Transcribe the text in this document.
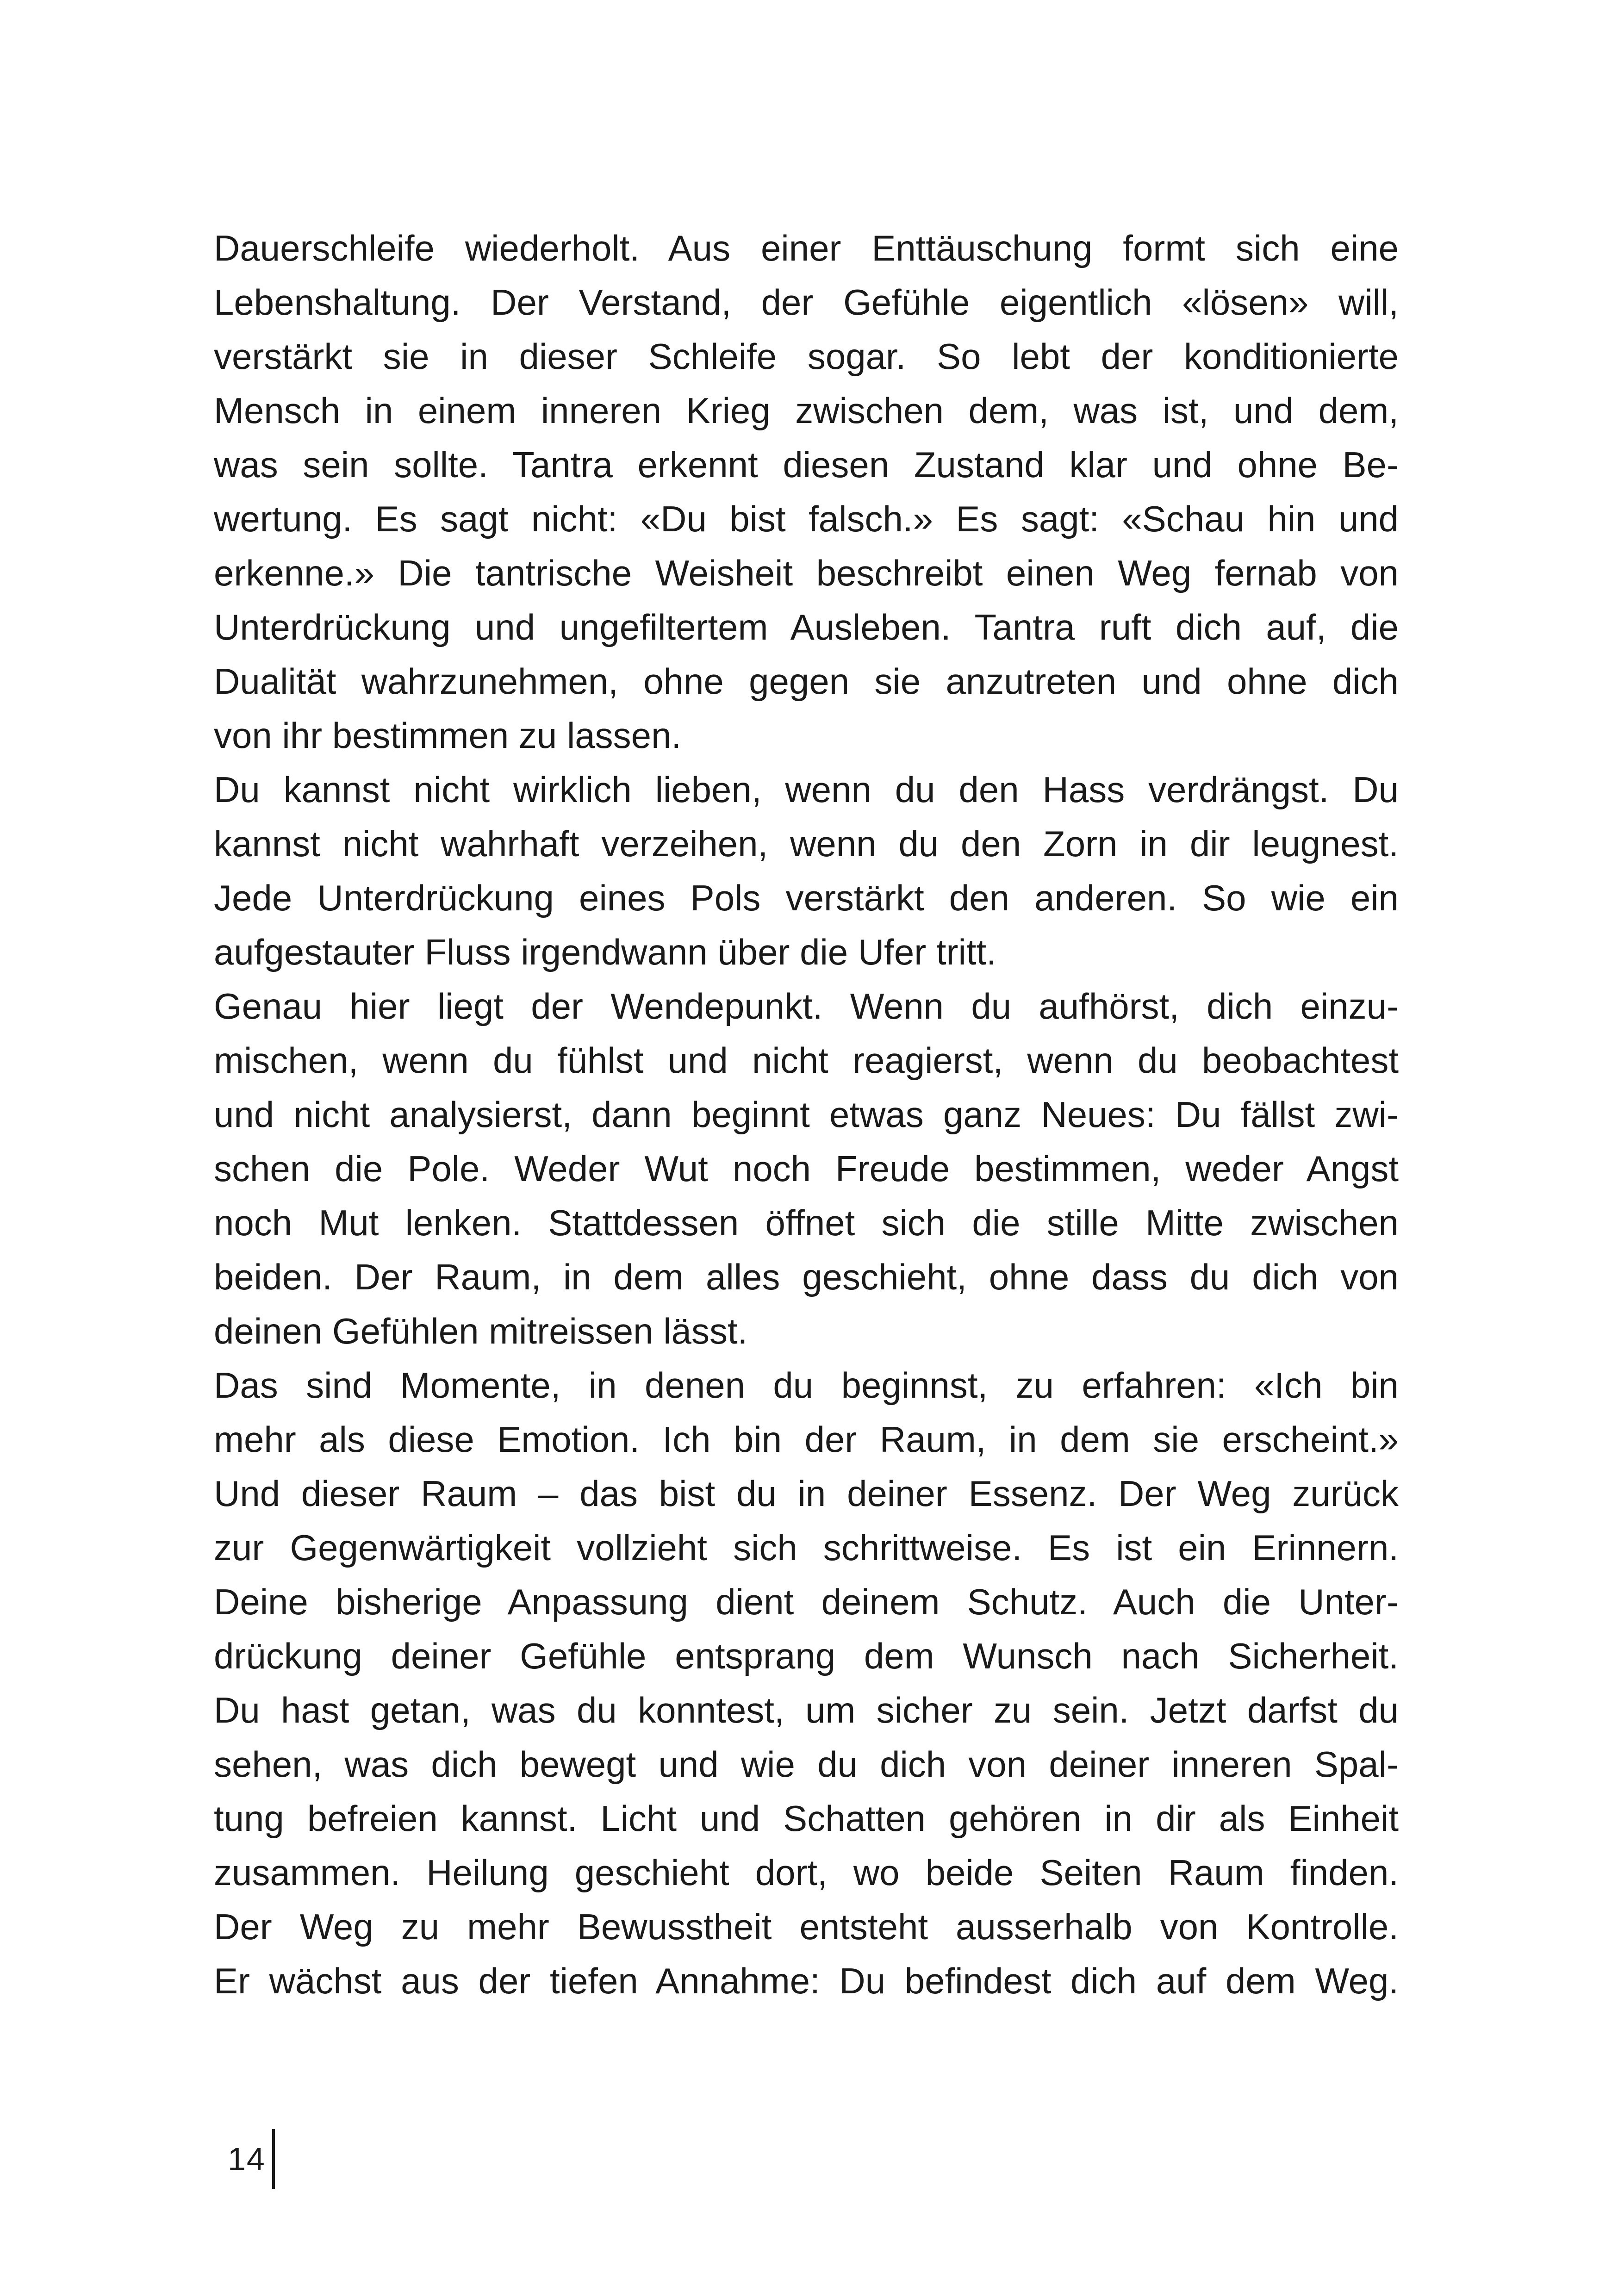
Dauerschleife wiederholt. Aus einer Enttäuschung formt sich eine
Lebenshaltung. Der Verstand, der Gefühle eigentlich «lösen» will,
verstärkt sie in dieser Schleife sogar. So lebt der konditionierte
Mensch in einem inneren Krieg zwischen dem, was ist, und dem,
was sein sollte. Tantra erkennt diesen Zustand klar und ohne Be-
wertung. Es sagt nicht: «Du bist falsch.» Es sagt: «Schau hin und
erkenne.» Die tantrische Weisheit beschreibt einen Weg fernab von
Unterdrückung und ungefiltertem Ausleben. Tantra ruft dich auf, die
Dualität wahrzunehmen, ohne gegen sie anzutreten und ohne dich
von ihr bestimmen zu lassen.

Du kannst nicht wirklich lieben, wenn du den Hass verdrängst. Du
kannst nicht wahrhaft verzeihen, wenn du den Zorn in dir leugnest.
Jede Unterdrückung eines Pols verstärkt den anderen. So wie ein
aufgestauter Fluss irgendwann über die Ufer tritt.

Genau hier liegt der Wendepunkt. Wenn du aufhörst, dich einzu-
mischen, wenn du fühlst und nicht reagierst, wenn du beobachtest
und nicht analysierst, dann beginnt etwas ganz Neues: Du fällst zwi-
schen die Pole. Weder Wut noch Freude bestimmen, weder Angst
noch Mut lenken. Stattdessen öffnet sich die stille Mitte zwischen
beiden. Der Raum, in dem alles geschieht, ohne dass du dich von
deinen Gefühlen mitreissen lässt.

Das sind Momente, in denen du beginnst, zu erfahren: «Ich bin
mehr als diese Emotion. Ich bin der Raum, in dem sie erscheint.»
Und dieser Raum – das bist du in deiner Essenz. Der Weg zurück
zur Gegenwärtigkeit vollzieht sich schrittweise. Es ist ein Erinnern.
Deine bisherige Anpassung dient deinem Schutz. Auch die Unter-
drückung deiner Gefühle entsprang dem Wunsch nach Sicherheit.
Du hast getan, was du konntest, um sicher zu sein. Jetzt darfst du
sehen, was dich bewegt und wie du dich von deiner inneren Spal-
tung befreien kannst. Licht und Schatten gehören in dir als Einheit
zusammen. Heilung geschieht dort, wo beide Seiten Raum finden.
Der Weg zu mehr Bewusstheit entsteht ausserhalb von Kontrolle.
Er wächst aus der tiefen Annahme: Du befindest dich auf dem Weg.

14
